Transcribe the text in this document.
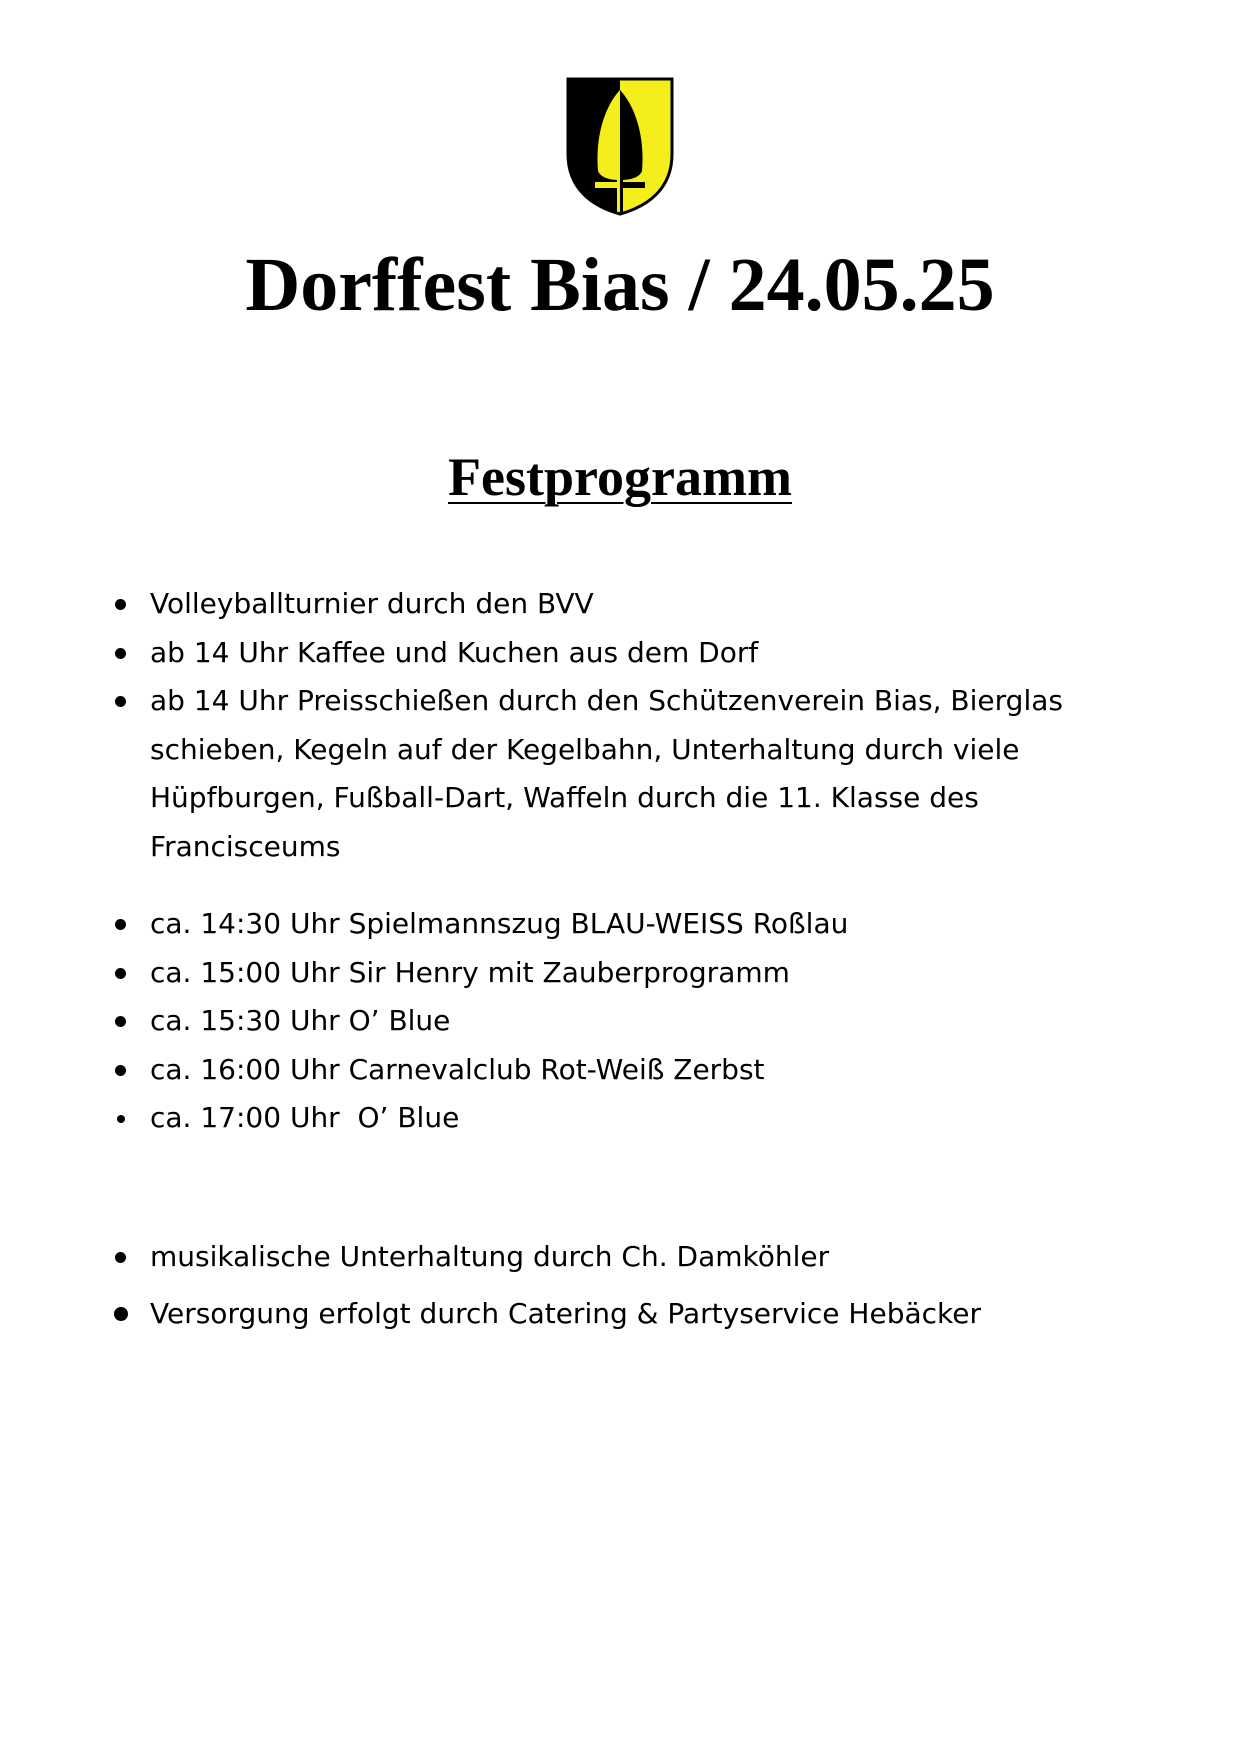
Dorffest Bias / 24.05.25
Festprogramm
Volleyballturnier durch den BVV
ab 14 Uhr Kaffee und Kuchen aus dem Dorf
ab 14 Uhr Preisschießen durch den Schützenverein Bias, Bierglas schieben, Kegeln auf der Kegelbahn, Unterhaltung durch viele Hüpfburgen, Fußball-Dart, Waffeln durch die 11. Klasse des Francisceums
ca. 14:30 Uhr Spielmannszug BLAU-WEISS Roßlau
ca. 15:00 Uhr Sir Henry mit Zauberprogramm
ca. 15:30 Uhr O’ Blue
ca. 16:00 Uhr Carnevalclub Rot-Weiß Zerbst
ca. 17:00 Uhr  O’ Blue
musikalische Unterhaltung durch Ch. Damköhler
Versorgung erfolgt durch Catering & Partyservice Hebäcker
